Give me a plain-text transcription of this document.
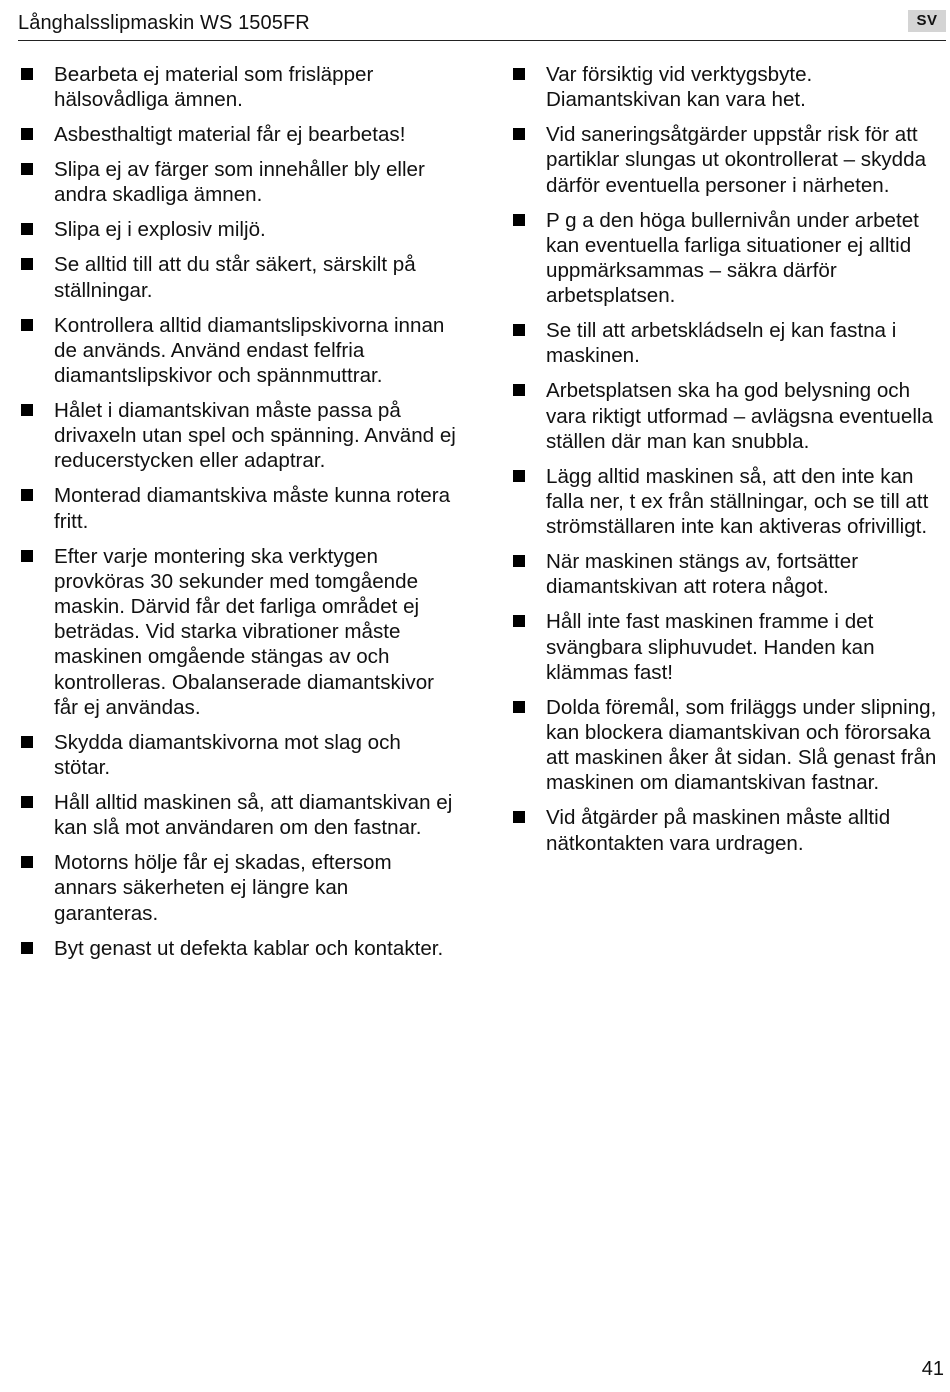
Långhalsslipmaskin WS 1505FR	SV
Bearbeta ej material som frisläpper hälsovådliga ämnen.
Asbesthaltigt material får ej bearbetas!
Slipa ej av färger som innehåller bly eller andra skadliga ämnen.
Slipa ej i explosiv miljö.
Se alltid till att du står säkert, särskilt på ställningar.
Kontrollera alltid diamantslipskivorna innan de används. Använd endast felfria diamantslipskivor och spännmuttrar.
Hålet i diamantskivan måste passa på drivaxeln utan spel och spänning. Använd ej reducerstycken eller adaptrar.
Monterad diamantskiva måste kunna rotera fritt.
Efter varje montering ska verktygen provköras 30 sekunder med tomgående maskin. Därvid får det farliga området ej beträdas. Vid starka vibrationer måste maskinen omgående stängas av och kontrolleras. Obalanserade diamantskivor får ej användas.
Skydda diamantskivorna mot slag och stötar.
Håll alltid maskinen så, att diamantskivan ej kan slå mot användaren om den fastnar.
Motorns hölje får ej skadas, eftersom annars säkerheten ej längre kan garanteras.
Byt genast ut defekta kablar och kontakter.
Var försiktig vid verktygsbyte. Diamantskivan kan vara het.
Vid saneringsåtgärder uppstår risk för att partiklar slungas ut okontrollerat – skydda därför eventuella personer i närheten.
P g a den höga bullernivån under arbetet kan eventuella farliga situationer ej alltid uppmärksammas – säkra därför arbetsplatsen.
Se till att arbetskládseln ej kan fastna i maskinen.
Arbetsplatsen ska ha god belysning och vara riktigt utformad – avlägsna eventuella ställen där man kan snubbla.
Lägg alltid maskinen så, att den inte kan falla ner, t ex från ställningar, och se till att strömställaren inte kan aktiveras ofrivilligt.
När maskinen stängs av, fortsätter diamantskivan att rotera något.
Håll inte fast maskinen framme i det svängbara sliphuvudet. Handen kan klämmas fast!
Dolda föremål, som friläggs under slipning, kan blockera diamantskivan och förorsaka att maskinen åker åt sidan. Slå genast från maskinen om diamantskivan fastnar.
Vid åtgärder på maskinen måste alltid nätkontakten vara urdragen.
41
